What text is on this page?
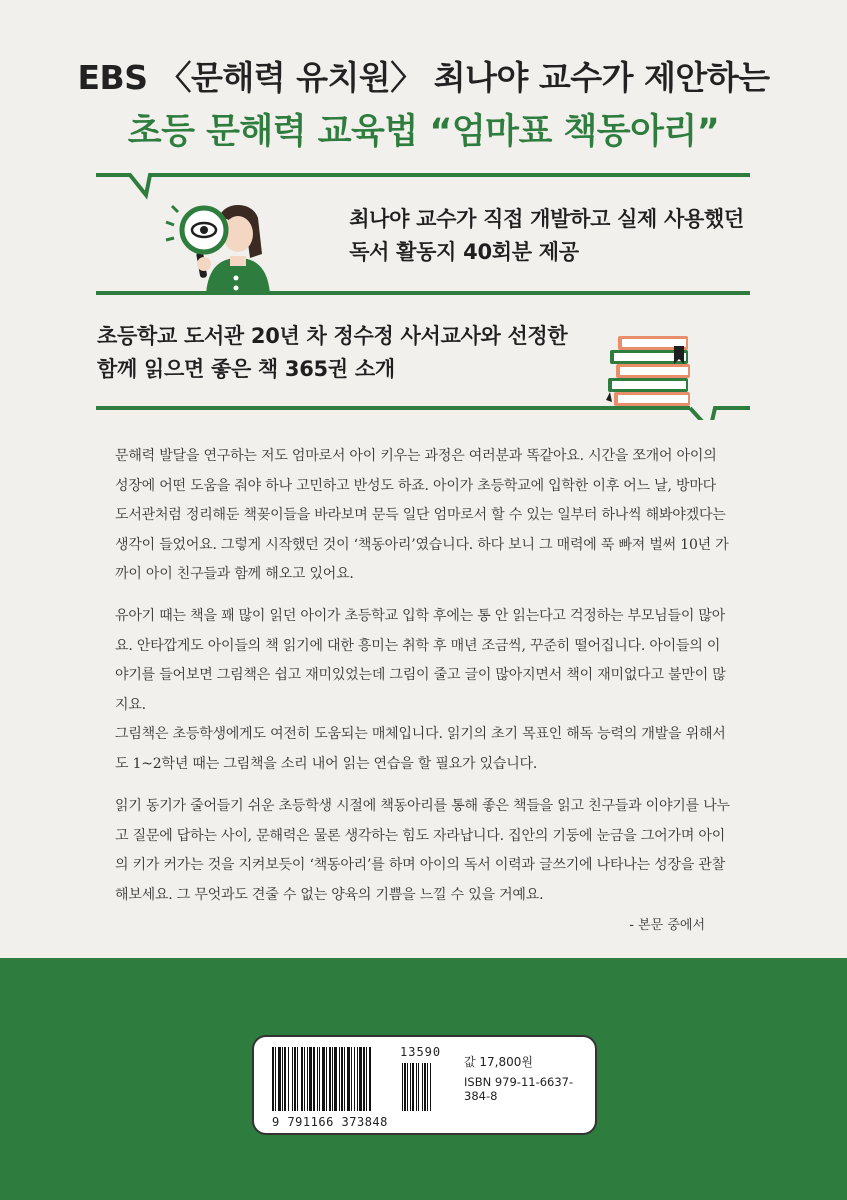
EBS 〈문해력 유치원〉 최나야 교수가 제안하는
초등 문해력 교육법 “엄마표 책동아리”
최나야 교수가 직접 개발하고 실제 사용했던
독서 활동지 40회분 제공
초등학교 도서관 20년 차 정수정 사서교사와 선정한
함께 읽으면 좋은 책 365권 소개

문해력 발달을 연구하는 저도 엄마로서 아이 키우는 과정은 여러분과 똑같아요. 시간을 쪼개어 아이의 성장에 어떤 도움을 줘야 하나 고민하고 반성도 하죠. 아이가 초등학교에 입학한 이후 어느 날, 방마다 도서관처럼 정리해둔 책꽂이들을 바라보며 문득 일단 엄마로서 할 수 있는 일부터 하나씩 해봐야겠다는 생각이 들었어요. 그렇게 시작했던 것이 ‘책동아리’였습니다. 하다 보니 그 매력에 푹 빠져 벌써 10년 가까이 아이 친구들과 함께 해오고 있어요.

유아기 때는 책을 꽤 많이 읽던 아이가 초등학교 입학 후에는 통 안 읽는다고 걱정하는 부모님들이 많아요. 안타깝게도 아이들의 책 읽기에 대한 흥미는 취학 후 매년 조금씩, 꾸준히 떨어집니다. 아이들의 이야기를 들어보면 그림책은 쉽고 재미있었는데 그림이 줄고 글이 많아지면서 책이 재미없다고 불만이 많지요.

그림책은 초등학생에게도 여전히 도움되는 매체입니다. 읽기의 초기 목표인 해독 능력의 개발을 위해서도 1~2학년 때는 그림책을 소리 내어 읽는 연습을 할 필요가 있습니다.

읽기 동기가 줄어들기 쉬운 초등학생 시절에 책동아리를 통해 좋은 책들을 읽고 친구들과 이야기를 나누고 질문에 답하는 사이, 문해력은 물론 생각하는 힘도 자라납니다. 집안의 기둥에 눈금을 그어가며 아이의 키가 커가는 것을 지켜보듯이 ‘책동아리’를 하며 아이의 독서 이력과 글쓰기에 나타나는 성장을 관찰해보세요. 그 무엇과도 견줄 수 없는 양육의 기쁨을 느낄 수 있을 거예요.

- 본문 중에서
13590
9 791166 373848
값 17,800원
ISBN 979-11-6637-384-8
